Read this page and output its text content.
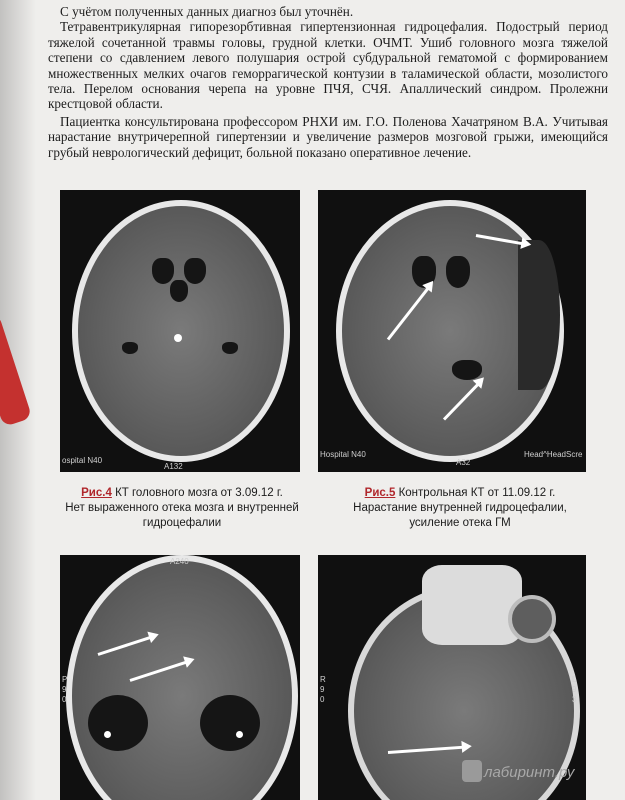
С учётом полученных данных диагноз был уточнён.

Тетравентрикулярная гипорезорбтивная гипертензионная гидроцефалия. Подострый период тяжелой сочетанной травмы головы, грудной клетки. ОЧМТ. Ушиб головного мозга тяжелой степени со сдавлением левого полушария острой субдуральной гематомой с формированием множественных мелких очагов геморрагической контузии в таламической области, мозолистого тела. Перелом основания черепа на уровне ПЧЯ, СЧЯ. Апаллический синдром. Пролежни крестцовой области.

Пациентка консультирована профессором РНХИ им. Г.О. Поленова Хачатряном В.А. Учитывая нарастание внутричерепной гипертензии и увеличение размеров мозговой грыжи, имеющийся грубый неврологический дефицит, больной показано оперативное лечение.

ospital N40
A132
Hospital N40
A32
Head^HeadScre
Рис.4 КТ головного мозга от 3.09.12 г.
Нет выраженного отека мозга и внутренней
гидроцефалии
Рис.5 Контрольная КТ от 11.09.12 г.
Нарастание внутренней гидроцефалии,
усиление отека ГМ
A240
P 9 0
L 9 3
R 9 0
лабиринт.ру
